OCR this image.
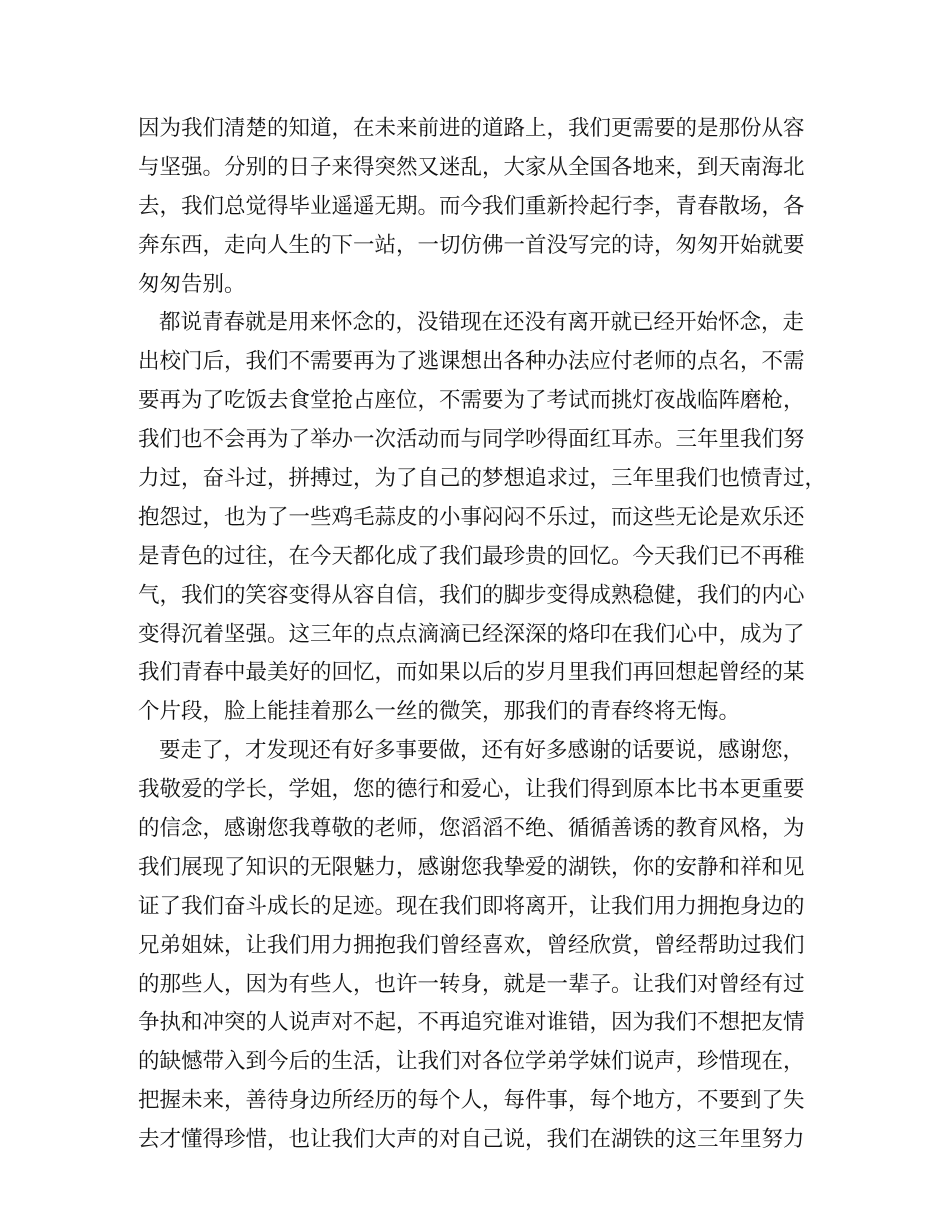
因为我们清楚的知道，在未来前进的道路上，我们更需要的是那份从容
与坚强。分别的日子来得突然又迷乱，大家从全国各地来，到天南海北
去，我们总觉得毕业遥遥无期。而今我们重新拎起行李，青春散场，各
奔东西，走向人生的下一站，一切仿佛一首没写完的诗，匆匆开始就要
匆匆告别。
都说青春就是用来怀念的，没错现在还没有离开就已经开始怀念，走
出校门后，我们不需要再为了逃课想出各种办法应付老师的点名，不需
要再为了吃饭去食堂抢占座位，不需要为了考试而挑灯夜战临阵磨枪，
我们也不会再为了举办一次活动而与同学吵得面红耳赤。三年里我们努
力过，奋斗过，拼搏过，为了自己的梦想追求过，三年里我们也愤青过，
抱怨过，也为了一些鸡毛蒜皮的小事闷闷不乐过，而这些无论是欢乐还
是青色的过往，在今天都化成了我们最珍贵的回忆。今天我们已不再稚
气，我们的笑容变得从容自信，我们的脚步变得成熟稳健，我们的内心
变得沉着坚强。这三年的点点滴滴已经深深的烙印在我们心中，成为了
我们青春中最美好的回忆，而如果以后的岁月里我们再回想起曾经的某
个片段，脸上能挂着那么一丝的微笑，那我们的青春终将无悔。
要走了，才发现还有好多事要做，还有好多感谢的话要说，感谢您，
我敬爱的学长，学姐，您的德行和爱心，让我们得到原本比书本更重要
的信念，感谢您我尊敬的老师，您滔滔不绝、循循善诱的教育风格，为
我们展现了知识的无限魅力，感谢您我挚爱的湖铁，你的安静和祥和见
证了我们奋斗成长的足迹。现在我们即将离开，让我们用力拥抱身边的
兄弟姐妹，让我们用力拥抱我们曾经喜欢，曾经欣赏，曾经帮助过我们
的那些人，因为有些人，也许一转身，就是一辈子。让我们对曾经有过
争执和冲突的人说声对不起，不再追究谁对谁错，因为我们不想把友情
的缺憾带入到今后的生活，让我们对各位学弟学妹们说声，珍惜现在，
把握未来，善待身边所经历的每个人，每件事，每个地方，不要到了失
去才懂得珍惜，也让我们大声的对自己说，我们在湖铁的这三年里努力
